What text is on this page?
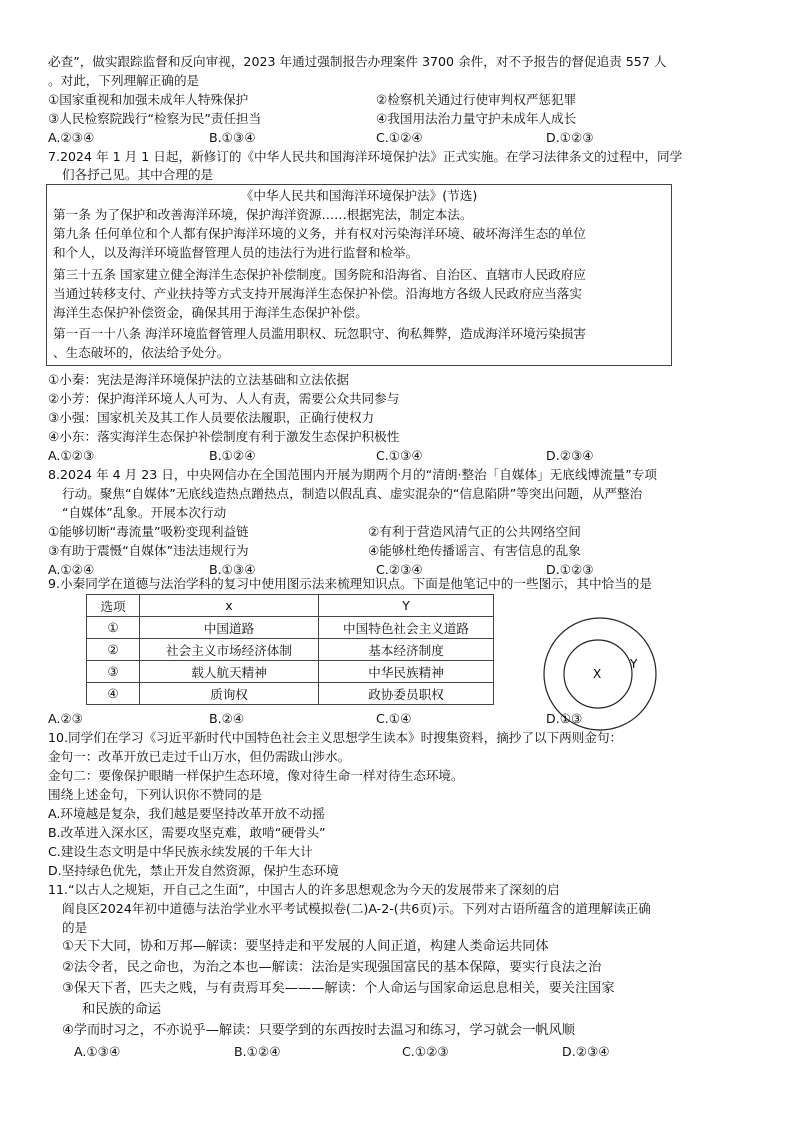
必查”，做实跟踪监督和反向审视，2023 年通过强制报告办理案件 3700 余件，对不予报告的督促追责 557 人
。对此，下列理解正确的是
①国家重视和加强未成年人特殊保护	②检察机关通过行使审判权严惩犯罪
③人民检察院践行“检察为民”责任担当	④我国用法治力量守护未成年人成长
A.②③④	B.①③④	C.①②④	D.①②③
7.2024 年 1 月 1 日起，新修订的《中华人民共和国海洋环境保护法》正式实施。在学习法律条文的过程中，同学
们各抒己见。其中合理的是
《中华人民共和国海洋环境保护法》(节选)
第一条 为了保护和改善海洋环境，保护海洋资源……根据宪法，制定本法。
第九条 任何单位和个人都有保护海洋环境的义务，并有权对污染海洋环境、破坏海洋生态的单位
和个人，以及海洋环境监督管理人员的违法行为进行监督和检举。
第三十五条 国家建立健全海洋生态保护补偿制度。国务院和沿海省、自治区、直辖市人民政府应
当通过转移支付、产业扶持等方式支持开展海洋生态保护补偿。沿海地方各级人民政府应当落实
海洋生态保护补偿资金，确保其用于海洋生态保护补偿。
第一百一十八条 海洋环境监督管理人员滥用职权、玩忽职守、徇私舞弊，造成海洋环境污染损害
、生态破坏的，依法给予处分。
①小秦：宪法是海洋环境保护法的立法基础和立法依据
②小芳：保护海洋环境人人可为、人人有责，需要公众共同参与
③小强：国家机关及其工作人员要依法履职，正确行使权力
④小东：落实海洋生态保护补偿制度有利于激发生态保护积极性
A.①②③	B.①②④	C.①③④	D.②③④
8.2024 年 4 月 23 日，中央网信办在全国范围内开展为期两个月的“清朗·整治「自媒体」无底线博流量”专项
行动。聚焦“自媒体”无底线造热点蹭热点，制造以假乱真、虚实混杂的“信息陷阱”等突出问题，从严整治
“自媒体”乱象。开展本次行动
①能够切断“毒流量”吸粉变现利益链	②有利于营造风清气正的公共网络空间
③有助于震慑“自媒体”违法违规行为	④能够杜绝传播谣言、有害信息的乱象
A.①②④	B.①③④	C.②③④	D.①②③
9.小秦同学在道德与法治学科的复习中使用图示法来梳理知识点。下面是他笔记中的一些图示，其中恰当的是
选项	x	Y
①	中国道路	中国特色社会主义道路
②	社会主义市场经济体制	基本经济制度
③	载人航天精神	中华民族精神
④	质询权	政协委员职权
X
Y
A.②③	B.②④	C.①④	D.①③
10.同学们在学习《习近平新时代中国特色社会主义思想学生读本》时搜集资料，摘抄了以下两则金句：
金句一：改革开放已走过千山万水，但仍需跋山涉水。
金句二：要像保护眼睛一样保护生态环境，像对待生命一样对待生态环境。
围绕上述金句，下列认识你不赞同的是
A.环境越是复杂，我们越是要坚持改革开放不动摇
B.改革进入深水区，需要攻坚克难，敢啃“硬骨头”
C.建设生态文明是中华民族永续发展的千年大计
D.坚持绿色优先，禁止开发自然资源，保护生态环境
11.“以古人之规矩，开自己之生面”，中国古人的许多思想观念为今天的发展带来了深刻的启
阎良区2024年初中道德与法治学业水平考试模拟卷(二)A-2-(共6页)示。下列对古语所蕴含的道理解读正确
的是
①天下大同，协和万邦—解读：要坚持走和平发展的人间正道，构建人类命运共同体
②法令者，民之命也，为治之本也—解读：法治是实现强国富民的基本保障，要实行良法之治
③保天下者，匹夫之贱，与有责焉耳矣———解读：个人命运与国家命运息息相关，要关注国家
和民族的命运
④学而时习之，不亦说乎—解读：只要学到的东西按时去温习和练习，学习就会一帆风顺
A.①③④	B.①②④	C.①②③	D.②③④
